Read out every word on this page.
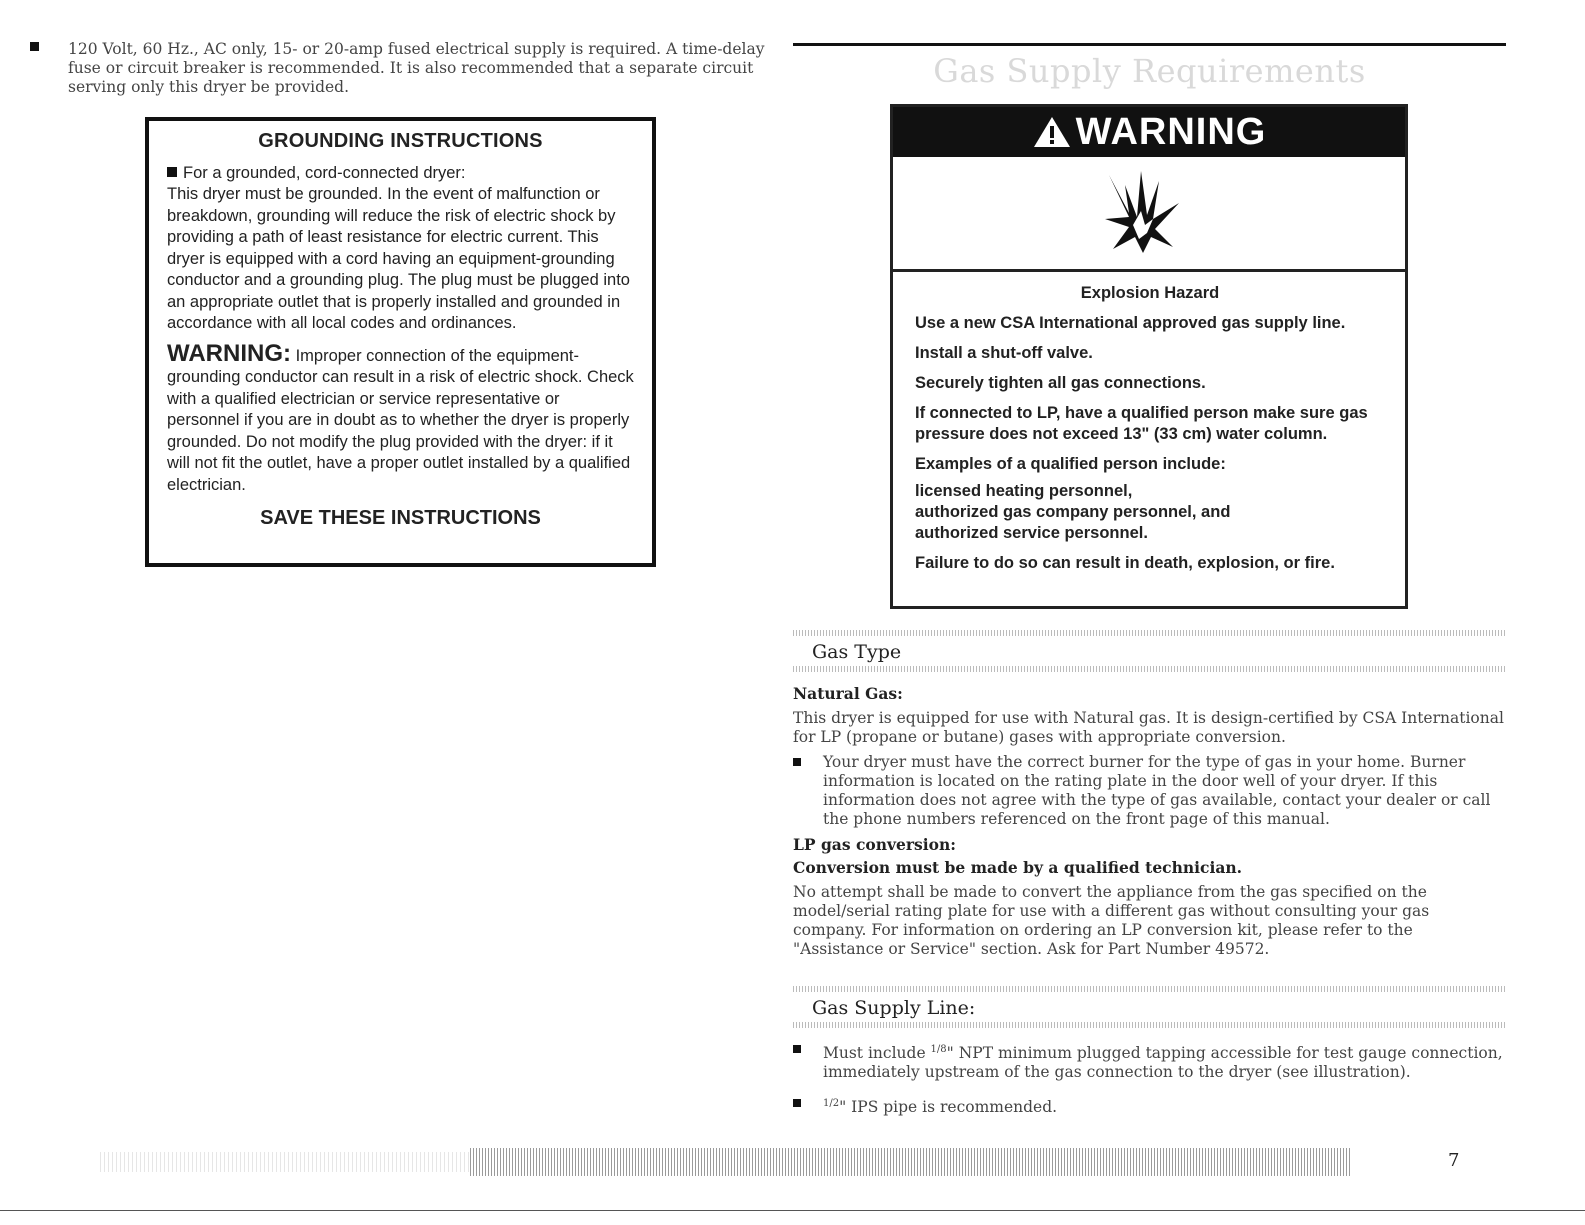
120 Volt, 60 Hz., AC only, 15- or 20-amp fused electrical supply is required. A time-delay fuse or circuit breaker is recommended. It is also recommended that a separate circuit serving only this dryer be provided.

GROUNDING INSTRUCTIONS

For a grounded, cord-connected dryer:

This dryer must be grounded. In the event of malfunction or breakdown, grounding will reduce the risk of electric shock by providing a path of least resistance for electric current. This dryer is equipped with a cord having an equipment-grounding conductor and a grounding plug. The plug must be plugged into an appropriate outlet that is properly installed and grounded in accordance with all local codes and ordinances.

WARNING: Improper connection of the equipment-grounding conductor can result in a risk of electric shock. Check with a qualified electrician or service representative or personnel if you are in doubt as to whether the dryer is properly grounded. Do not modify the plug provided with the dryer: if it will not fit the outlet, have a proper outlet installed by a qualified electrician.

SAVE THESE INSTRUCTIONS
Gas Supply Requirements
WARNING
Explosion Hazard

Use a new CSA International approved gas supply line.

Install a shut-off valve.

Securely tighten all gas connections.

If connected to LP, have a qualified person make sure gas pressure does not exceed 13" (33 cm) water column.

Examples of a qualified person include:

licensed heating personnel,
authorized gas company personnel, and
authorized service personnel.

Failure to do so can result in death, explosion, or fire.

Gas Type

Natural Gas:

This dryer is equipped for use with Natural gas. It is design-certified by CSA International for LP (propane or butane) gases with appropriate conversion.

Your dryer must have the correct burner for the type of gas in your home. Burner information is located on the rating plate in the door well of your dryer. If this information does not agree with the type of gas available, contact your dealer or call the phone numbers referenced on the front page of this manual.

LP gas conversion:

Conversion must be made by a qualified technician.

No attempt shall be made to convert the appliance from the gas specified on the model/serial rating plate for use with a different gas without consulting your gas company. For information on ordering an LP conversion kit, please refer to the "Assistance or Service" section. Ask for Part Number 49572.

Gas Supply Line:
Must include $^{1/8}$" NPT minimum plugged tapping accessible for test gauge connection, immediately upstream of the gas connection to the dryer (see illustration).
$^{1/2}$" IPS pipe is recommended.
7
